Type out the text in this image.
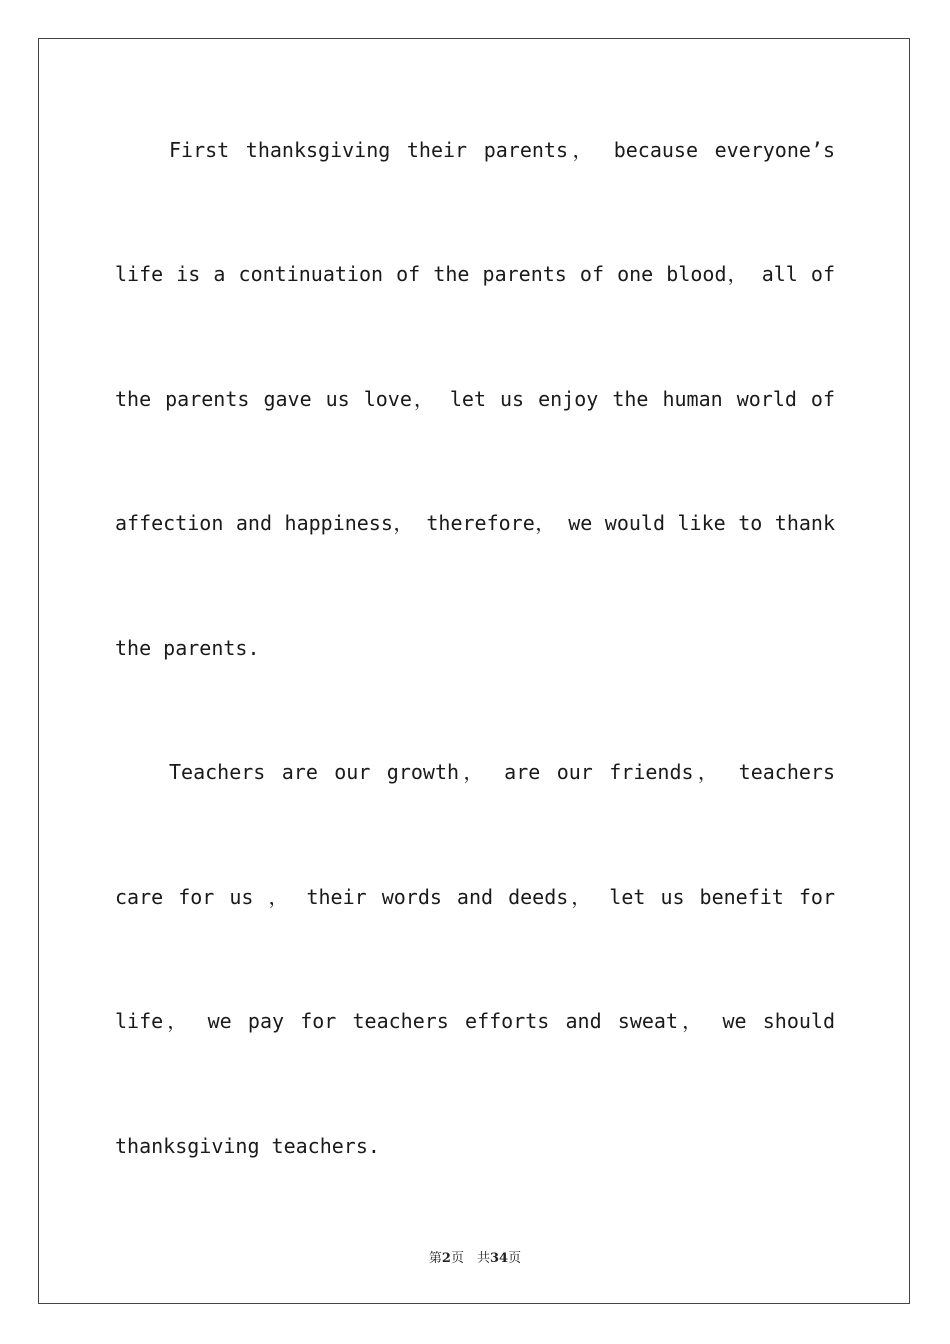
First thanksgiving their parents， because everyone’s
life is a continuation of the parents of one blood， all of
the parents gave us love， let us enjoy the human world of
affection and happiness， therefore， we would like to thank
the parents.
Teachers are our growth， are our friends， teachers
care for us ， their words and deeds， let us benefit for
life， we pay for teachers efforts and sweat， we should
thanksgiving teachers.
第2页　共34页
